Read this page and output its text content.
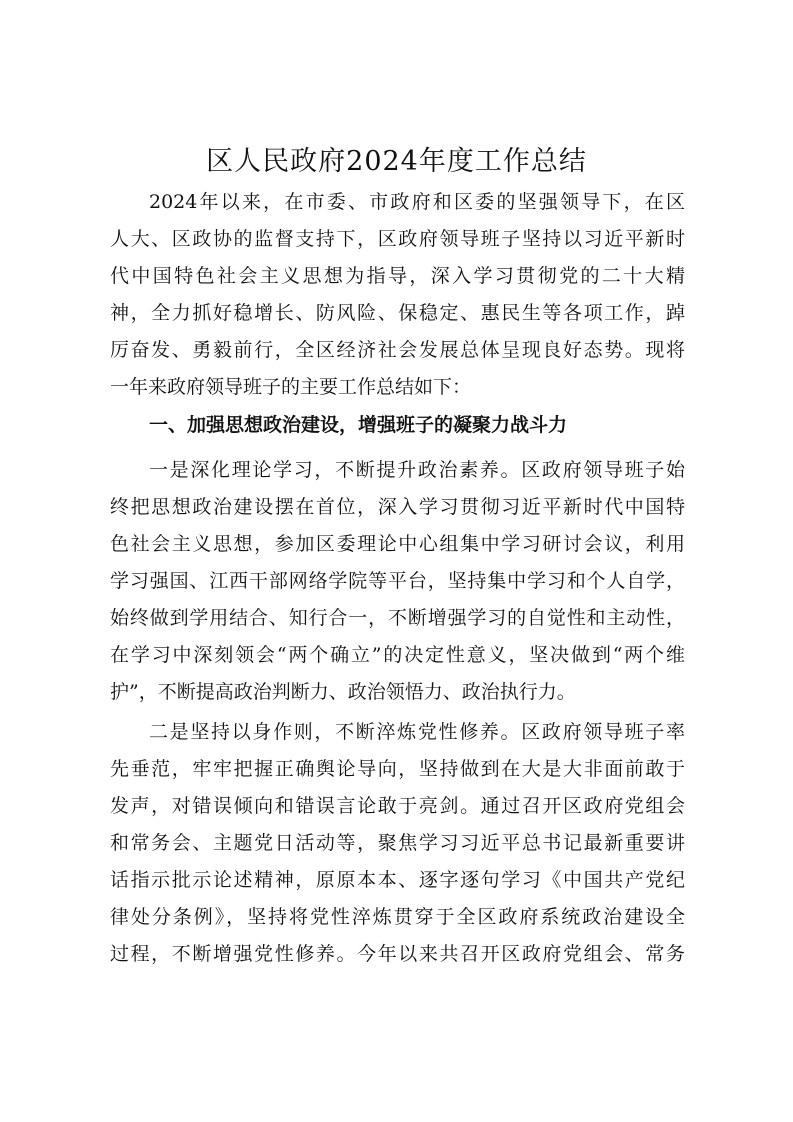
区人民政府2024年度工作总结
2024年以来，在市委、市政府和区委的坚强领导下，在区
人大、区政协的监督支持下，区政府领导班子坚持以习近平新时
代中国特色社会主义思想为指导，深入学习贯彻党的二十大精
神，全力抓好稳增长、防风险、保稳定、惠民生等各项工作，踔
厉奋发、勇毅前行，全区经济社会发展总体呈现良好态势。现将
一年来政府领导班子的主要工作总结如下：
一、加强思想政治建设，增强班子的凝聚力战斗力
一是深化理论学习，不断提升政治素养。区政府领导班子始
终把思想政治建设摆在首位，深入学习贯彻习近平新时代中国特
色社会主义思想，参加区委理论中心组集中学习研讨会议，利用
学习强国、江西干部网络学院等平台，坚持集中学习和个人自学，
始终做到学用结合、知行合一，不断增强学习的自觉性和主动性，
在学习中深刻领会“两个确立”的决定性意义，坚决做到“两个维
护”，不断提高政治判断力、政治领悟力、政治执行力。
二是坚持以身作则，不断淬炼党性修养。区政府领导班子率
先垂范，牢牢把握正确舆论导向，坚持做到在大是大非面前敢于
发声，对错误倾向和错误言论敢于亮剑。通过召开区政府党组会
和常务会、主题党日活动等，聚焦学习习近平总书记最新重要讲
话指示批示论述精神，原原本本、逐字逐句学习《中国共产党纪
律处分条例》，坚持将党性淬炼贯穿于全区政府系统政治建设全
过程，不断增强党性修养。今年以来共召开区政府党组会、常务
